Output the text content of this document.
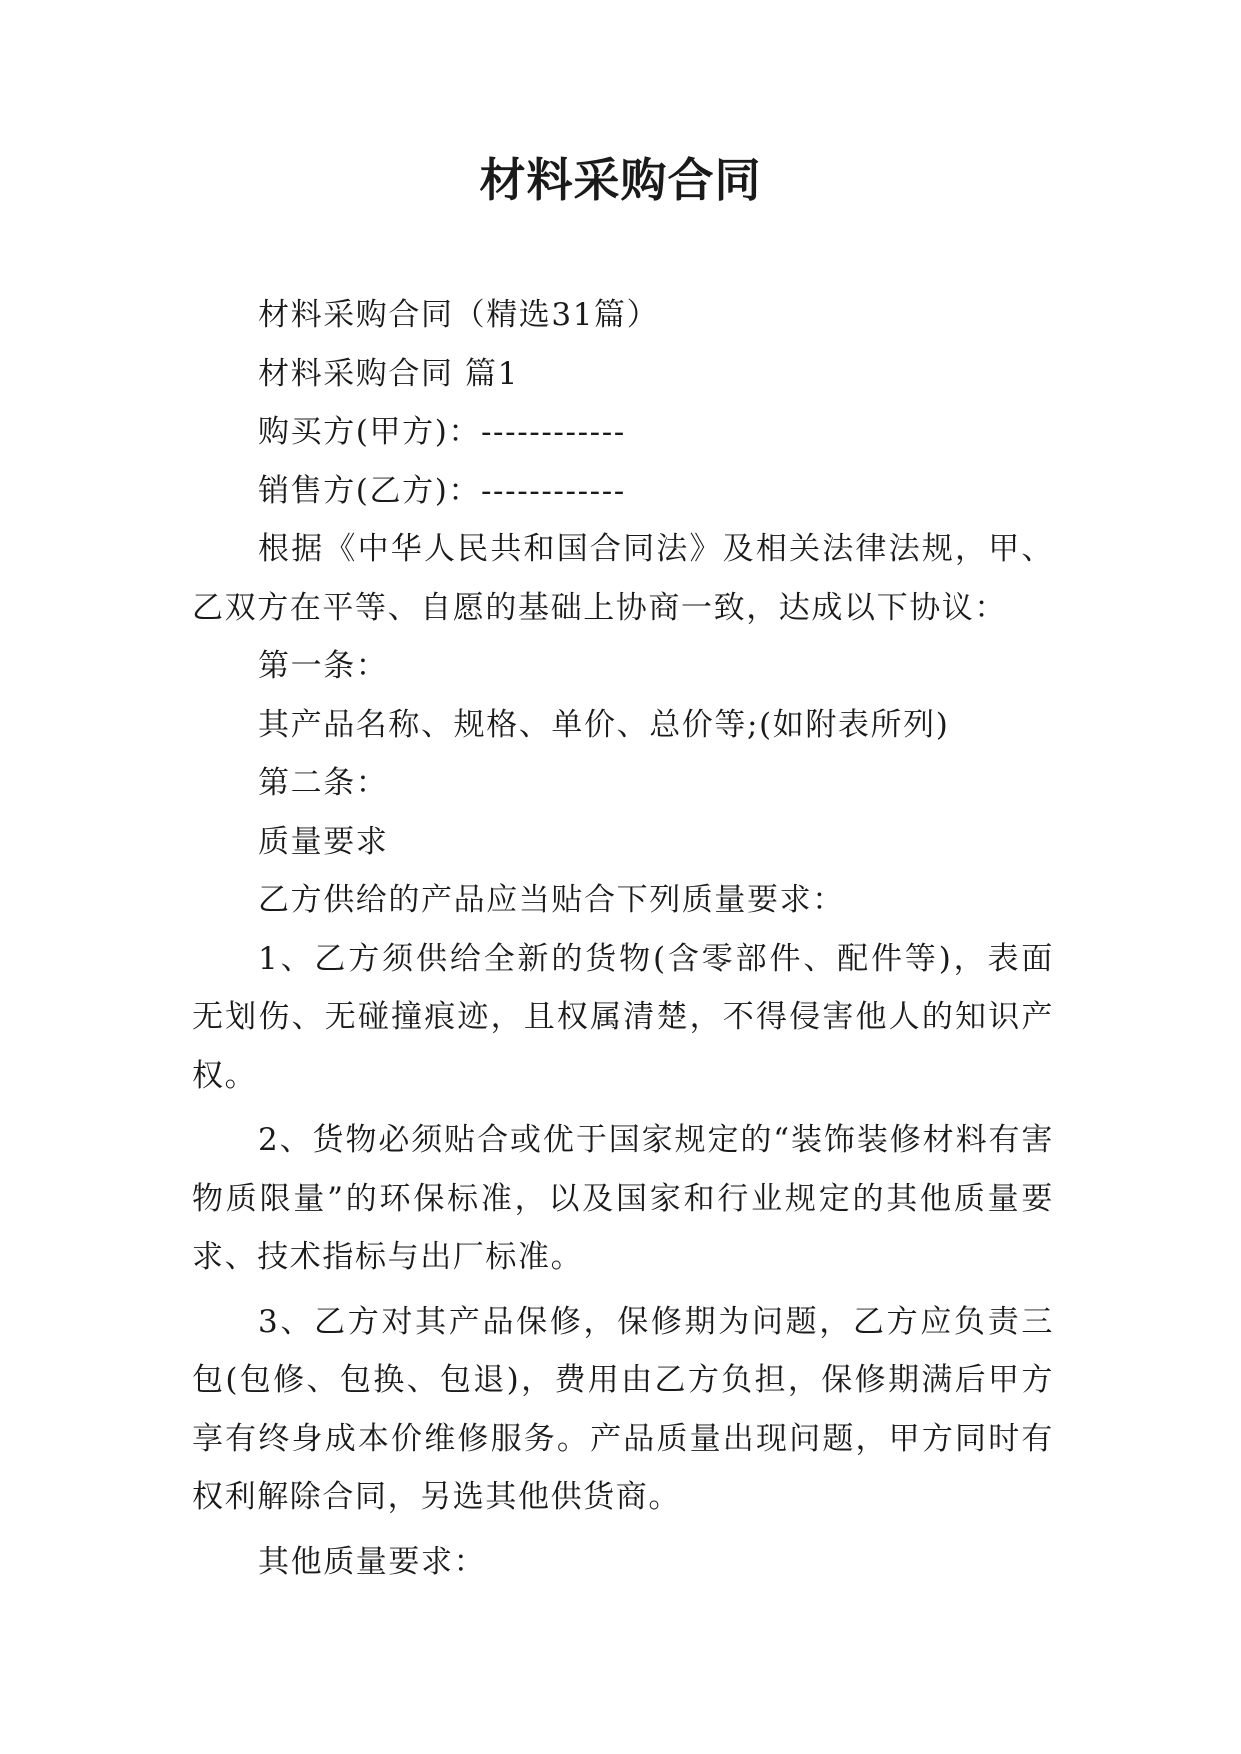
材料采购合同

材料采购合同（精选31篇）

材料采购合同 篇1

购买方(甲方)：------------

销售方(乙方)：------------

根据《中华人民共和国合同法》及相关法律法规，甲、乙双方在平等、自愿的基础上协商一致，达成以下协议：

第一条：

其产品名称、规格、单价、总价等;(如附表所列)

第二条：

质量要求

乙方供给的产品应当贴合下列质量要求：

1、乙方须供给全新的货物(含零部件、配件等)，表面无划伤、无碰撞痕迹，且权属清楚，不得侵害他人的知识产权。

2、货物必须贴合或优于国家规定的“装饰装修材料有害物质限量”的环保标准，以及国家和行业规定的其他质量要求、技术指标与出厂标准。

3、乙方对其产品保修，保修期为问题，乙方应负责三包(包修、包换、包退)，费用由乙方负担，保修期满后甲方享有终身成本价维修服务。产品质量出现问题，甲方同时有权利解除合同，另选其他供货商。

其他质量要求：
